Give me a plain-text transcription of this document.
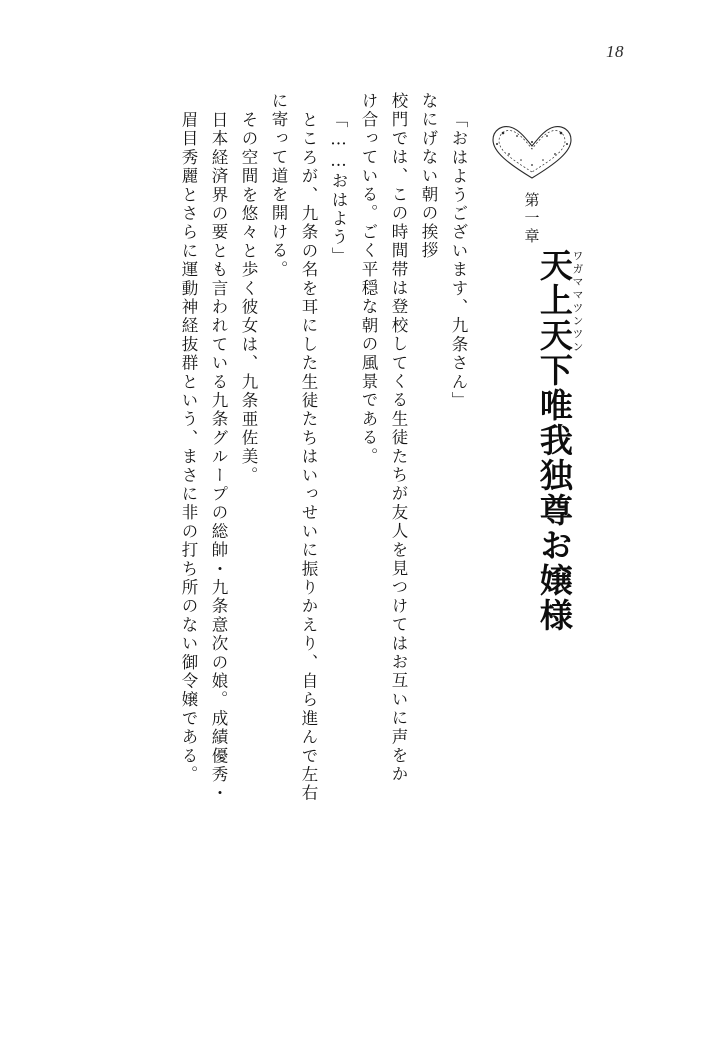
18
第一章
天上天下唯我独尊お嬢様
ワガママツンツン
「おはようございます、九条さん」
なにげない朝の挨拶
校門では、この時間帯は登校してくる生徒たちが友人を見つけてはお互いに声をか
け合っている。ごく平穏な朝の風景である。
「……おはよう」
ところが、九条の名を耳にした生徒たちはいっせいに振りかえり、自ら進んで左右
に寄って道を開ける。
その空間を悠々と歩く彼女は、九条亜佐美。
日本経済界の要とも言われている九条グループの総帥・九条意次の娘。成績優秀・
眉目秀麗とさらに運動神経抜群という、まさに非の打ち所のない御令嬢である。
